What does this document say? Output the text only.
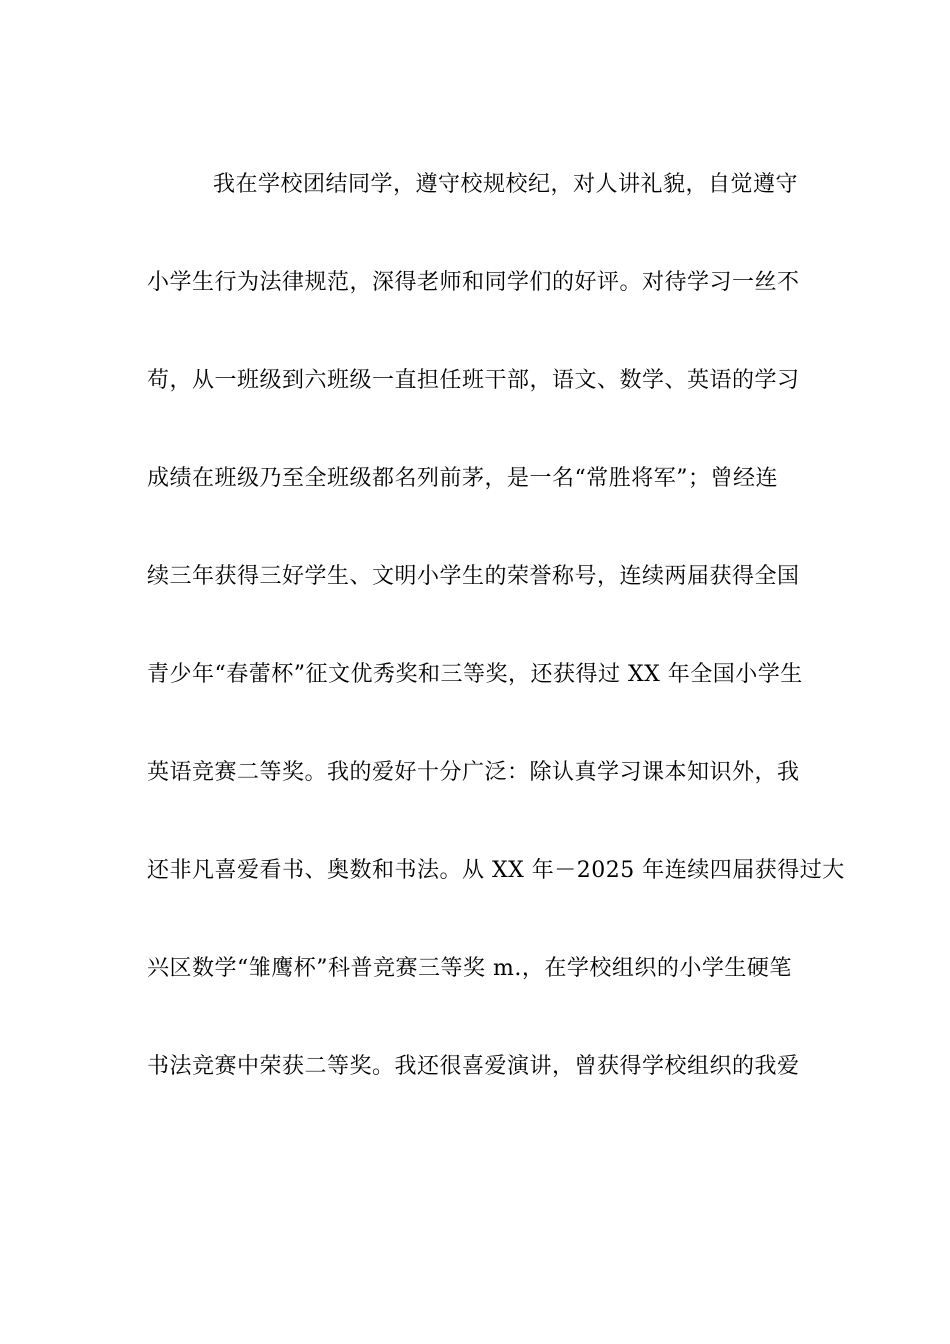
我在学校团结同学，遵守校规校纪，对人讲礼貌，自觉遵守
小学生行为法律规范，深得老师和同学们的好评。对待学习一丝不
苟，从一班级到六班级一直担任班干部，语文、数学、英语的学习
成绩在班级乃至全班级都名列前茅，是一名“常胜将军”；曾经连
续三年获得三好学生、文明小学生的荣誉称号，连续两届获得全国
青少年“春蕾杯”征文优秀奖和三等奖，还获得过 XX 年全国小学生
英语竞赛二等奖。我的爱好十分广泛：除认真学习课本知识外，我
还非凡喜爱看书、奥数和书法。从 XX 年－2025 年连续四届获得过大
兴区数学“雏鹰杯”科普竞赛三等奖 m.，在学校组织的小学生硬笔
书法竞赛中荣获二等奖。我还很喜爱演讲，曾获得学校组织的我爱
